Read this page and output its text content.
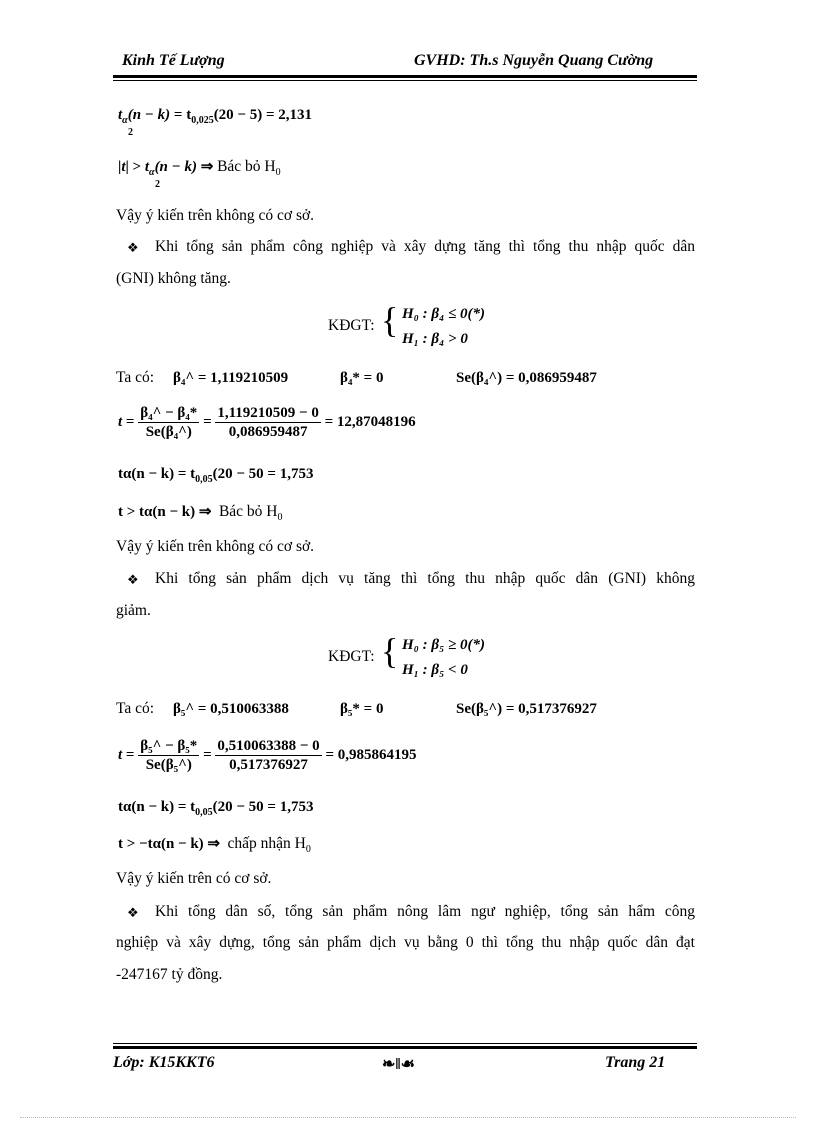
Kinh Tế Lượng	GVHD: Th.s Nguyễn Quang Cường
$t_\alpha(n - k) = t_{0,025}(20 - 5) = 2,131$
2
$|t| > t_\alpha(n - k)$ ⇒ Bác bỏ $H_0$
2
Vậy ý kiến trên không có cơ sở.
❖ Khi tổng sản phẩm công nghiệp và xây dựng tăng thì tổng thu nhập quốc dân
(GNI) không tăng.
KĐGT: { H₀ : β₄ ≤ 0(*)
H₁ : β₄ > 0
Ta có: β₄^ = 1,119210509	β₄* = 0	Se(β₄^) = 0,086959487
$t = \frac{\text{β₄\textasciicircum{} − β₄*}}{\text{Se(β₄\textasciicircum{})}} = \frac{1,119210509 - 0}{0,086959487} = 12,87048196$
$t\alpha(n - k) = t_{0,05}(20 - 50 = 1,753$
t > tα(n − k) ⇒ Bác bỏ $H_0$
Vậy ý kiến trên không có cơ sở.
❖ Khi tổng sản phẩm dịch vụ tăng thì tổng thu nhập quốc dân (GNI) không
giảm.
KĐGT: { H₀ : β₅ ≥ 0(*)
H₁ : β₅ < 0
Ta có: β₅^ = 0,510063388	β₅* = 0	Se(β₅^) = 0,517376927
$t = \frac{\text{β₅\textasciicircum{} − β₅*}}{\text{Se(β₅\textasciicircum{})}} = \frac{0,510063388 - 0}{0,517376927} = 0,985864195$
$t\alpha(n - k) = t_{0,05}(20 - 50 = 1,753$
t > −tα(n − k) ⇒ chấp nhận $H_0$
Vậy ý kiến trên có cơ sở.
❖ Khi tổng dân số, tổng sản phẩm nông lâm ngư nghiệp, tổng sản hẩm công
nghiệp và xây dựng, tổng sản phẩm dịch vụ bằng 0 thì tổng thu nhập quốc dân đạt
-247167 tỷ đồng.
Lớp: K15KKT6	❧‖☙	Trang 21
